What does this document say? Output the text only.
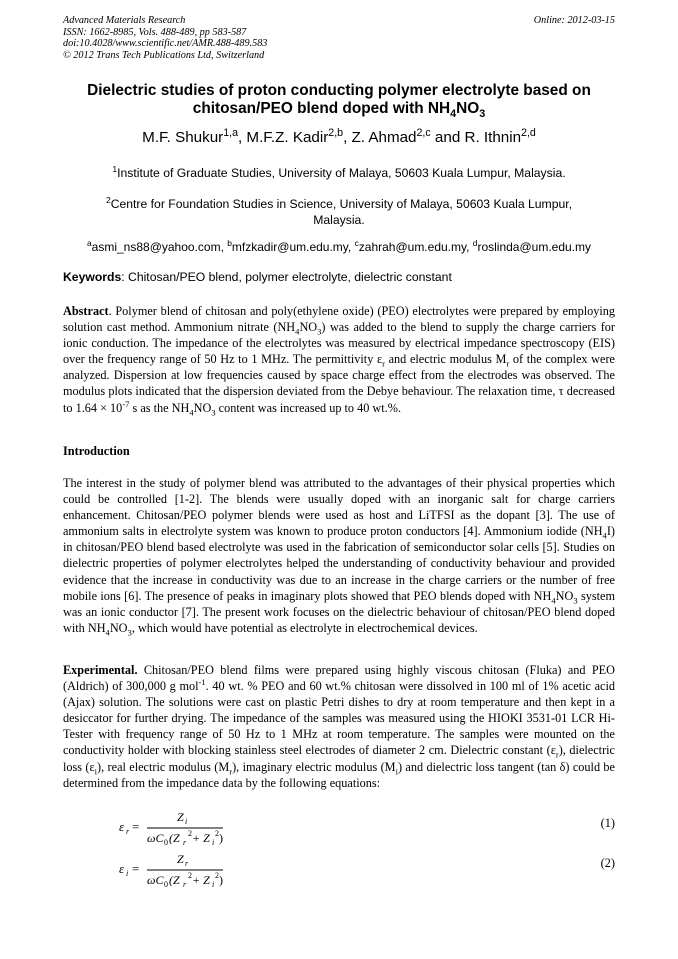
Advanced Materials Research
ISSN: 1662-8985, Vols. 488-489, pp 583-587
doi:10.4028/www.scientific.net/AMR.488-489.583
© 2012 Trans Tech Publications Ltd, Switzerland
Online: 2012-03-15
Dielectric studies of proton conducting polymer electrolyte based on
chitosan/PEO blend doped with $NH_4NO_3$
M.F. Shukur$^{1,a}$, M.F.Z. Kadir$^{2,b}$, Z. Ahmad$^{2,c}$ and R. Ithnin$^{2,d}$
$^1$Institute of Graduate Studies, University of Malaya, 50603 Kuala Lumpur, Malaysia.
$^2$Centre for Foundation Studies in Science, University of Malaya, 50603 Kuala Lumpur, Malaysia.
$^a$asmi_ns88@yahoo.com, $^b$mfzkadir@um.edu.my, $^c$zahrah@um.edu.my, $^d$roslinda@um.edu.my
Keywords: Chitosan/PEO blend, polymer electrolyte, dielectric constant
Abstract. Polymer blend of chitosan and poly(ethylene oxide) (PEO) electrolytes were prepared by employing solution cast method. Ammonium nitrate $(NH_4NO_3)$ was added to the blend to supply the charge carriers for ionic conduction. The impedance of the electrolytes was measured by electrical impedance spectroscopy (EIS) over the frequency range of 50 Hz to 1 MHz. The permittivity $\varepsilon_r$ and electric modulus $M_r$ of the complex were analyzed. Dispersion at low frequencies caused by space charge effect from the electrodes was observed. The modulus plots indicated that the dispersion deviated from the Debye behaviour. The relaxation time, τ decreased to $1.64 \times 10^{-7}$ s as the $NH_4NO_3$ content was increased up to 40 wt.%.
Introduction
The interest in the study of polymer blend was attributed to the advantages of their physical properties which could be controlled [1-2]. The blends were usually doped with an inorganic salt for charge carriers enhancement. Chitosan/PEO polymer blends were used as host and LiTFSI as the dopant [3]. The use of ammonium salts in electrolyte system was known to produce proton conductors [4]. Ammonium iodide $(NH_4I)$ in chitosan/PEO blend based electrolyte was used in the fabrication of semiconductor solar cells [5]. Studies on dielectric properties of polymer electrolytes helped the understanding of conductivity behaviour and provided evidence that the increase in conductivity was due to an increase in the charge carriers or the number of free mobile ions [6]. The presence of peaks in imaginary plots showed that PEO blends doped with $NH_4NO_3$ system was an ionic conductor [7]. The present work focuses on the dielectric behaviour of chitosan/PEO blend doped with $NH_4NO_3$, which would have potential as electrolyte in electrochemical devices.
Experimental. Chitosan/PEO blend films were prepared using highly viscous chitosan (Fluka) and PEO (Aldrich) of 300,000 g mol$^{-1}$. 40 wt. % PEO and 60 wt.% chitosan were dissolved in 100 ml of 1% acetic acid (Ajax) solution. The solutions were cast on plastic Petri dishes to dry at room temperature and then kept in a desiccator for further drying. The impedance of the samples was measured using the HIOKI 3531-01 LCR Hi-Tester with frequency range of 50 Hz to 1 MHz at room temperature. The samples were mounted on the conductivity holder with blocking stainless steel electrodes of diameter 2 cm. Dielectric constant $(\varepsilon_r)$, dielectric loss $(\varepsilon_i)$, real electric modulus $(M_r)$, imaginary electric modulus $(M_i)$ and dielectric loss tangent (tan δ) could be determined from the impedance data by the following equations:
ε r =
Z i
ωC 0 (Z r
2 + Z i
2 )
(1)
ε i =
Z r
ωC 0 (Z r
2 + Z i
2 )
(2)
